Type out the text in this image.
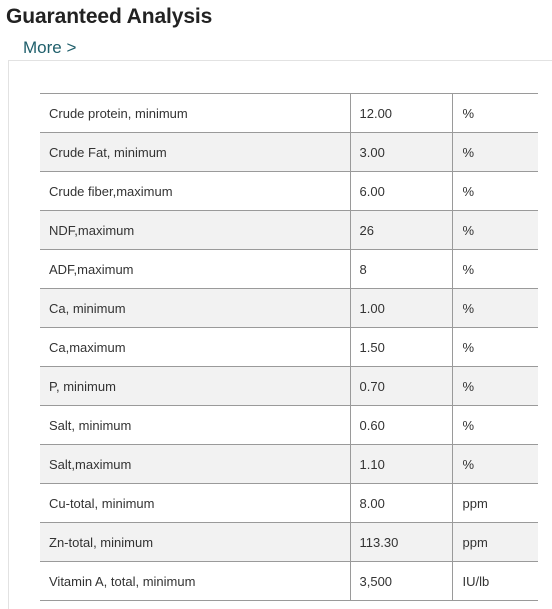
Guaranteed Analysis
More >
Crude protein, minimum	12.00	%
Crude Fat, minimum	3.00	%
Crude fiber,maximum	6.00	%
NDF,maximum	26	%
ADF,maximum	8	%
Ca, minimum	1.00	%
Ca,maximum	1.50	%
P, minimum	0.70	%
Salt, minimum	0.60	%
Salt,maximum	1.10	%
Cu-total, minimum	8.00	ppm
Zn-total, minimum	113.30	ppm
Vitamin A, total, minimum	3,500	IU/lb
